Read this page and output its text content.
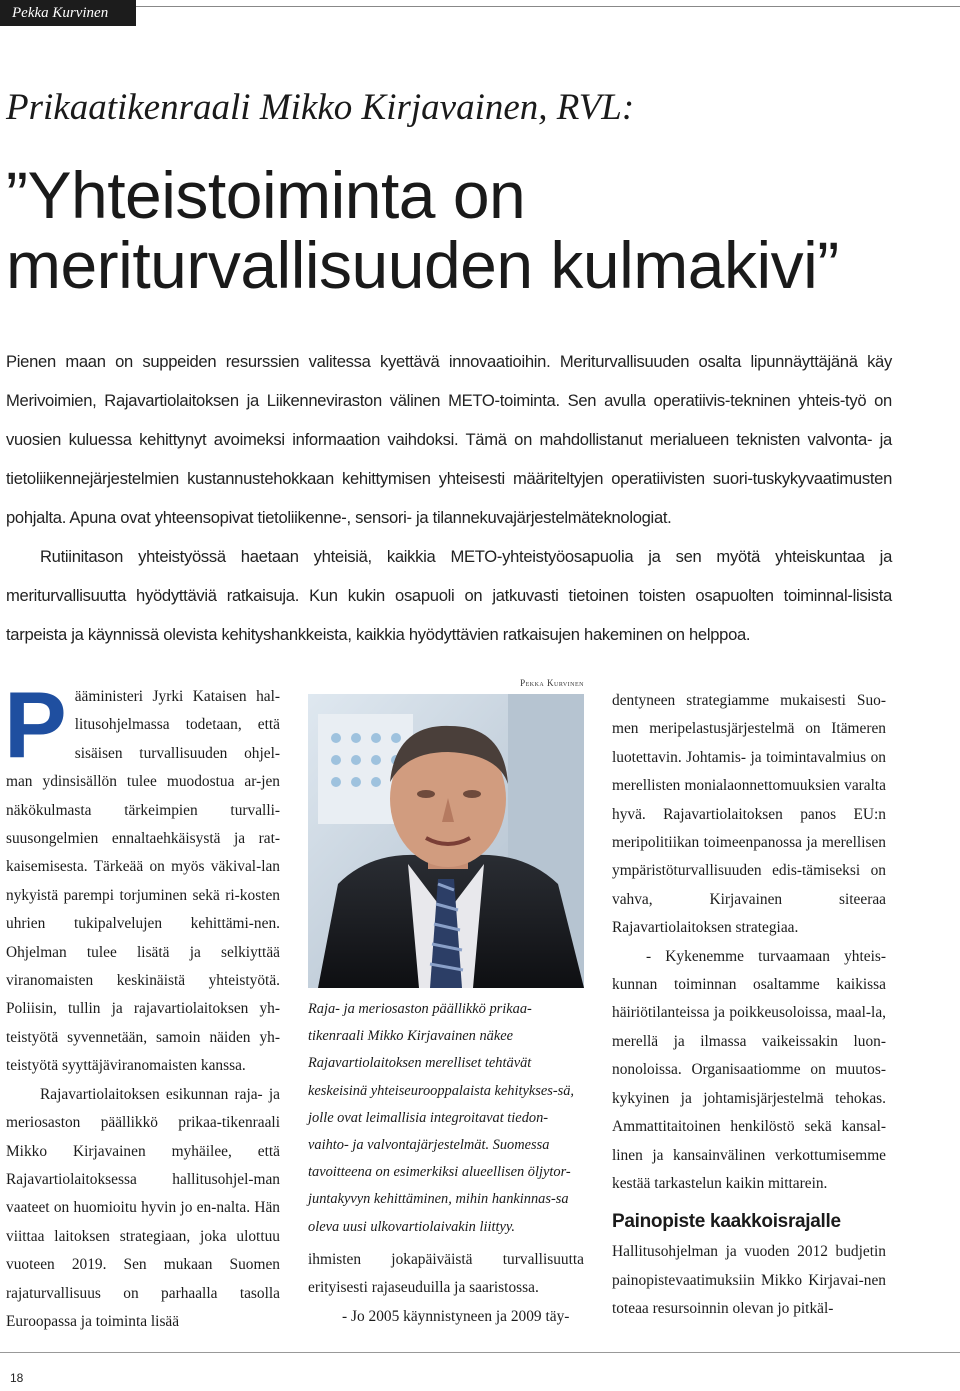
Pekka Kurvinen
Prikaatikenraali Mikko Kirjavainen, RVL:
”Yhteistoiminta on meriturvallisuuden kulmakivi”

Pienen maan on suppeiden resurssien valitessa kyettävä innovaatioihin. Meriturvallisuuden osalta lipunnäyttäjänä käy Merivoimien, Rajavartiolaitoksen ja Liikenneviraston välinen METO-toiminta. Sen avulla operatiivis-tekninen yhteis-työ on vuosien kuluessa kehittynyt avoimeksi informaation vaihdoksi. Tämä on mahdollistanut merialueen teknisten valvonta- ja tietoliikennejärjestelmien kustannustehokkaan kehittymisen yhteisesti määriteltyjen operatiivisten suori-tuskykyvaatimusten pohjalta. Apuna ovat yhteensopivat tietoliikenne-, sensori- ja tilannekuvajärjestelmäteknologiat.

Rutiinitason yhteistyössä haetaan yhteisiä, kaikkia METO-yhteistyöosapuolia ja sen myötä yhteiskuntaa ja meriturvallisuutta hyödyttäviä ratkaisuja. Kun kukin osapuoli on jatkuvasti tietoinen toisten osapuolten toiminnal-lisista tarpeista ja käynnissä olevista kehityshankkeista, kaikkia hyödyttävien ratkaisujen hakeminen on helppoa.

Pääministeri Jyrki Kataisen hal-litusohjelmassa todetaan, että sisäisen turvallisuuden ohjel-man ydinsisällön tulee muodostua ar-jen näkökulmasta tärkeimpien turvalli-suusongelmien ennaltaehkäisystä ja rat-kaisemisesta. Tärkeää on myös väkival-lan nykyistä parempi torjuminen sekä ri-kosten uhrien tukipalvelujen kehittämi-nen. Ohjelman tulee lisätä ja selkiyttää viranomaisten keskinäistä yhteistyötä. Poliisin, tullin ja rajavartiolaitoksen yh-teistyötä syvennetään, samoin näiden yh-teistyötä syyttäjäviranomaisten kanssa.

Rajavartiolaitoksen esikunnan raja- ja meriosaston päällikkö prikaa-tikenraali Mikko Kirjavainen myhäilee, että Rajavartiolaitoksessa hallitusohjel-man vaateet on huomioitu hyvin jo en-nalta. Hän viittaa laitoksen strategiaan, joka ulottuu vuoteen 2019. Sen mukaan Suomen rajaturvallisuus on parhaalla tasolla Euroopassa ja toiminta lisää

Pekka Kurvinen
Raja- ja meriosaston päällikkö prikaa-tikenraali Mikko Kirjavainen näkee Rajavartiolaitoksen merelliset tehtävät keskeisinä yhteiseurooppalaista kehitykses-sä, jolle ovat leimallisia integroitavat tiedon-vaihto- ja valvontajärjestelmät. Suomessa tavoitteena on esimerkiksi alueellisen öljytor-juntakyvyn kehittäminen, mihin hankinnas-sa oleva uusi ulkovartiolaivakin liittyy.

ihmisten jokapäiväistä turvallisuutta erityisesti rajaseuduilla ja saaristossa.

- Jo 2005 käynnistyneen ja 2009 täy-

dentyneen strategiamme mukaisesti Suo-men meripelastusjärjestelmä on Itämeren luotettavin. Johtamis- ja toimintavalmius on merellisten monialaonnettomuuksien varalta hyvä. Rajavartiolaitoksen panos EU:n meripolitiikan toimeenpanossa ja merellisen ympäristöturvallisuuden edis-tämiseksi on vahva, Kirjavainen siteeraa Rajavartiolaitoksen strategiaa.

- Kykenemme turvaamaan yhteis-kunnan toiminnan osaltamme kaikissa häiriötilanteissa ja poikkeusoloissa, maal-la, merellä ja ilmassa vaikeissakin luon-nonoloissa. Organisaatiomme on muutos-kykyinen ja johtamisjärjestelmä tehokas. Ammattitaitoinen henkilöstö sekä kansal-linen ja kansainvälinen verkottumisemme kestää tarkastelun kaikin mittarein.

Painopiste kaakkoisrajalle

Hallitusohjelman ja vuoden 2012 budjetin painopistevaatimuksiin Mikko Kirjavai-nen toteaa resursoinnin olevan jo pitkäl-

18
